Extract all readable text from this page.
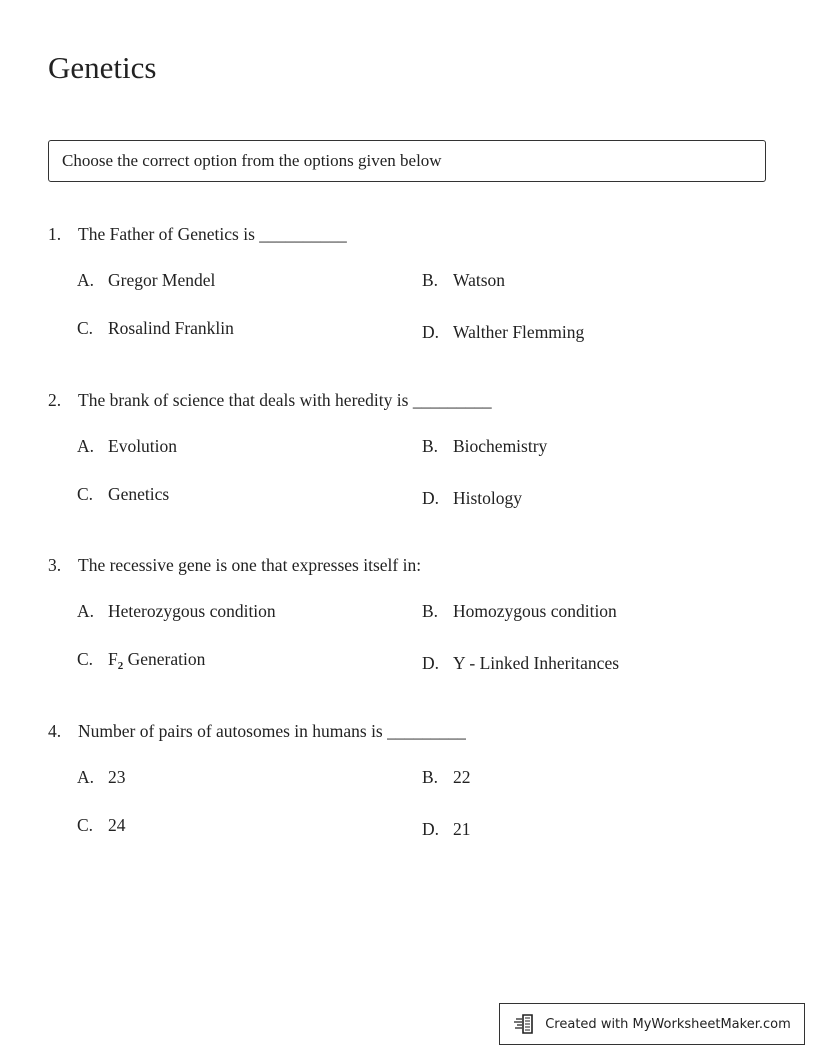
Genetics
Choose the correct option from the options given below
1. The Father of Genetics is __________
A. Gregor Mendel	B. Watson
C. Rosalind Franklin	D. Walther Flemming
2. The brank of science that deals with heredity is _________
A. Evolution	B. Biochemistry
C. Genetics	D. Histology
3. The recessive gene is one that expresses itself in:
A. Heterozygous condition	B. Homozygous condition
C. $F_2$ Generation	D. Y - Linked Inheritances
4. Number of pairs of autosomes in humans is _________
A. 23	B. 22
C. 24	D. 21
Created with MyWorksheetMaker.com
